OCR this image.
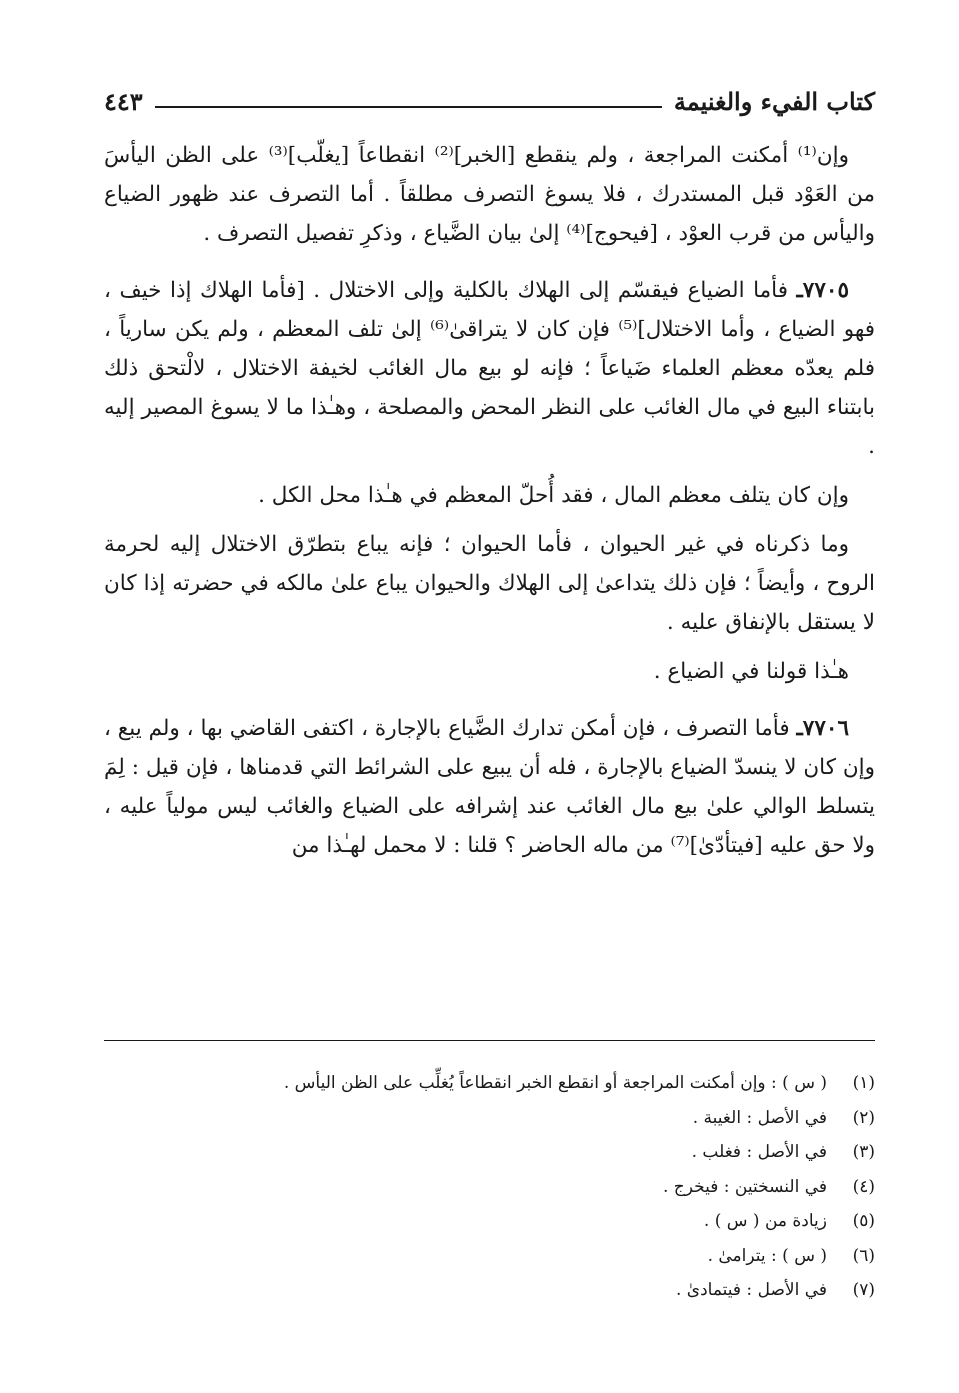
كتاب الفيء والغنيمة
٤٤٣

وإن⁽¹⁾ أمكنت المراجعة ، ولم ينقطع [الخبر]⁽²⁾ انقطاعاً [يغلّب]⁽³⁾ على الظن اليأسَ من العَوْد قبل المستدرك ، فلا يسوغ التصرف مطلقاً . أما التصرف عند ظهور الضياع واليأس من قرب العوْد ، [فيحوج]⁽⁴⁾ إلىٰ بيان الضَّياع ، وذكرِ تفصيل التصرف .

٧٧٠٥ـ فأما الضياع فيقسّم إلى الهلاك بالكلية وإلى الاختلال . [فأما الهلاك إذا خيف ، فهو الضياع ، وأما الاختلال]⁽⁵⁾ فإن كان لا يتراقىٰ⁽⁶⁾ إلىٰ تلف المعظم ، ولم يكن سارياً ، فلم يعدّه معظم العلماء ضَياعاً ؛ فإنه لو بيع مال الغائب لخيفة الاختلال ، لالْتحق ذلك بابتناء البيع في مال الغائب على النظر المحض والمصلحة ، وهـٰذا ما لا يسوغ المصير إليه .

وإن كان يتلف معظم المال ، فقد أُحلّ المعظم في هـٰذا محل الكل .

وما ذكرناه في غير الحيوان ، فأما الحيوان ؛ فإنه يباع بتطرّق الاختلال إليه لحرمة الروح ، وأيضاً ؛ فإن ذلك يتداعىٰ إلى الهلاك والحيوان يباع علىٰ مالكه في حضرته إذا كان لا يستقل بالإنفاق عليه .

هـٰذا قولنا في الضياع .

٧٧٠٦ـ فأما التصرف ، فإن أمكن تدارك الضَّياع بالإجارة ، اكتفى القاضي بها ، ولم يبع ، وإن كان لا ينسدّ الضياع بالإجارة ، فله أن يبيع على الشرائط التي قدمناها ، فإن قيل : لِمَ يتسلط الوالي علىٰ بيع مال الغائب عند إشرافه على الضياع والغائب ليس مولياً عليه ، ولا حق عليه [فيتأدّىٰ]⁽⁷⁾ من ماله الحاضر ؟ قلنا : لا محمل لهـٰذا من

(١)
( س ) : وإن أمكنت المراجعة أو انقطع الخبر انقطاعاً يُغلِّب على الظن اليأس .
(٢)
في الأصل : الغيبة .
(٣)
في الأصل : فغلب .
(٤)
في النسختين : فيخرج .
(٥)
زيادة من ( س ) .
(٦)
( س ) : يترامىٰ .
(٧)
في الأصل : فيتمادىٰ .
